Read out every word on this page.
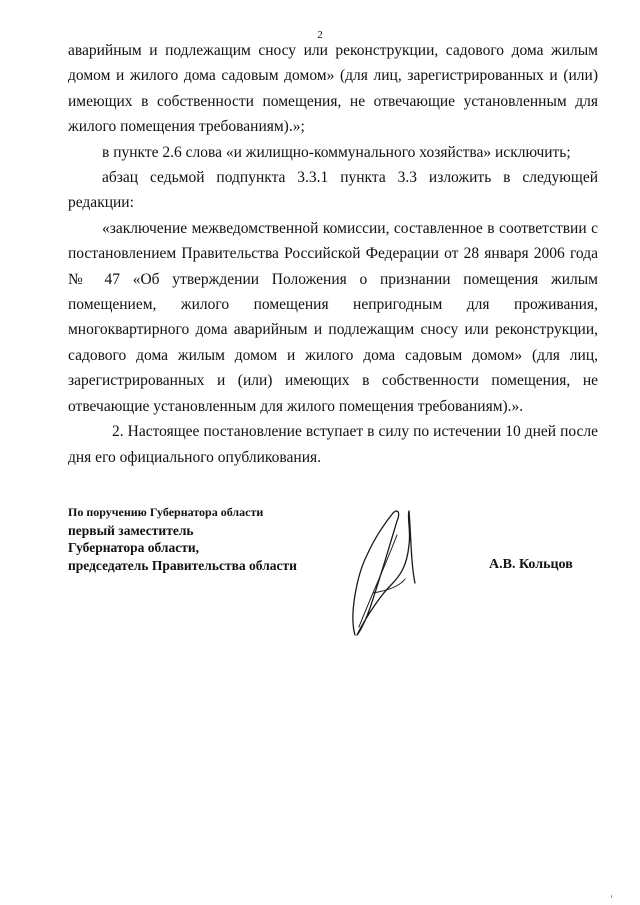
2

аварийным и подлежащим сносу или реконструкции, садового дома жилым домом и жилого дома садовым домом» (для лиц, зарегистрированных и (или) имеющих в собственности помещения, не отвечающие установленным для жилого помещения требованиям).»;

в пункте 2.6 слова «и жилищно-коммунального хозяйства» исключить;

абзац седьмой подпункта 3.3.1 пункта 3.3 изложить в следующей редакции:

«заключение межведомственной комиссии, составленное в соответствии с постановлением Правительства Российской Федерации от 28 января 2006 года № 47 «Об утверждении Положения о признании помещения жилым помещением, жилого помещения непригодным для проживания, многоквартирного дома аварийным и подлежащим сносу или реконструкции, садового дома жилым домом и жилого дома садовым домом» (для лиц, зарегистрированных и (или) имеющих в собственности помещения, не отвечающие установленным для жилого помещения требованиям).».

2. Настоящее постановление вступает в силу по истечении 10 дней после дня его официального опубликования.

По поручению Губернатора области
первый заместитель
Губернатора области,
председатель Правительства области	А.В. Кольцов
